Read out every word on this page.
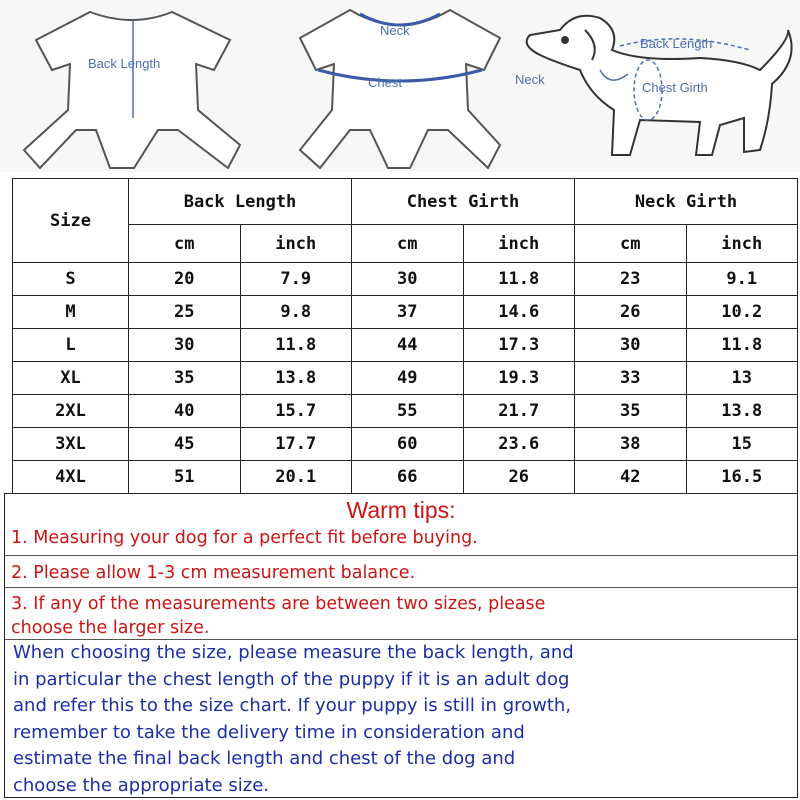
Back Length
Neck
Chest
Back Length
Neck
Chest Girth
Size	Back Length		Chest Girth		Neck Girth	
	cm	inch	cm	inch	cm	inch
S	20	7.9	30	11.8	23	9.1
M	25	9.8	37	14.6	26	10.2
L	30	11.8	44	17.3	30	11.8
XL	35	13.8	49	19.3	33	13
2XL	40	15.7	55	21.7	35	13.8
3XL	45	17.7	60	23.6	38	15
4XL	51	20.1	66	26	42	16.5
Warm tips:
1. Measuring your dog for a perfect fit before buying.
2. Please allow 1-3 cm measurement balance.
3. If any of the measurements are between two sizes, please
choose the larger size.
When choosing the size, please measure the back length, and
in particular the chest length of the puppy if it is an adult dog
and refer this to the size chart. If your puppy is still in growth,
remember to take the delivery time in consideration and
estimate the final back length and chest of the dog and
choose the appropriate size.
